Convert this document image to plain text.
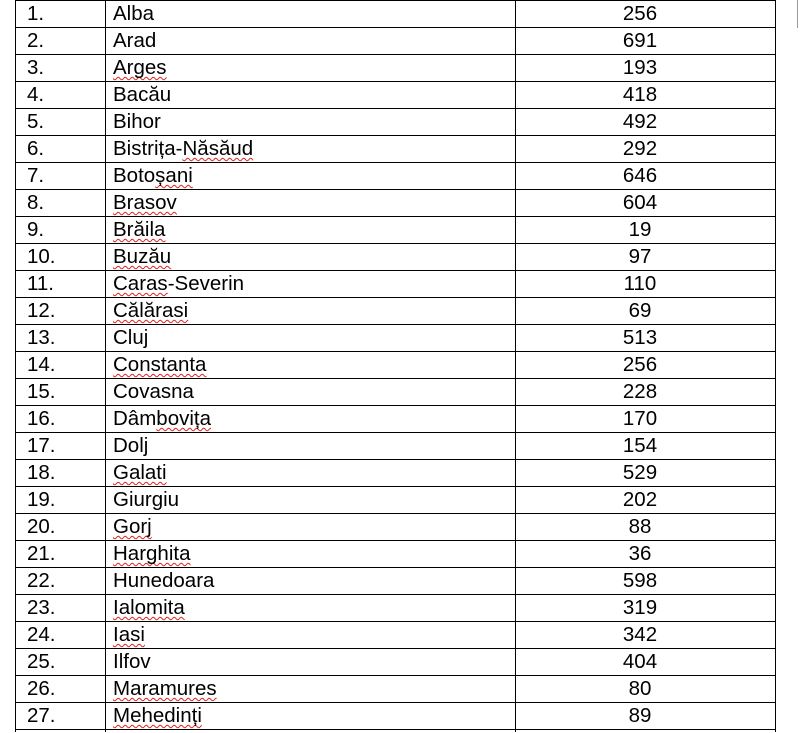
1.	Alba	256
2.	Arad	691
3.	Arges	193
4.	Bacău	418
5.	Bihor	492
6.	Bistrița-Năsăud	292
7.	Botoșani	646
8.	Brasov	604
9.	Brăila	19
10.	Buzău	97
11.	Caras-Severin	110
12.	Călărasi	69
13.	Cluj	513
14.	Constanta	256
15.	Covasna	228
16.	Dâmbovița	170
17.	Dolj	154
18.	Galati	529
19.	Giurgiu	202
20.	Gorj	88
21.	Harghita	36
22.	Hunedoara	598
23.	Ialomita	319
24.	Iasi	342
25.	Ilfov	404
26.	Maramures	80
27.	Mehedinți	89
